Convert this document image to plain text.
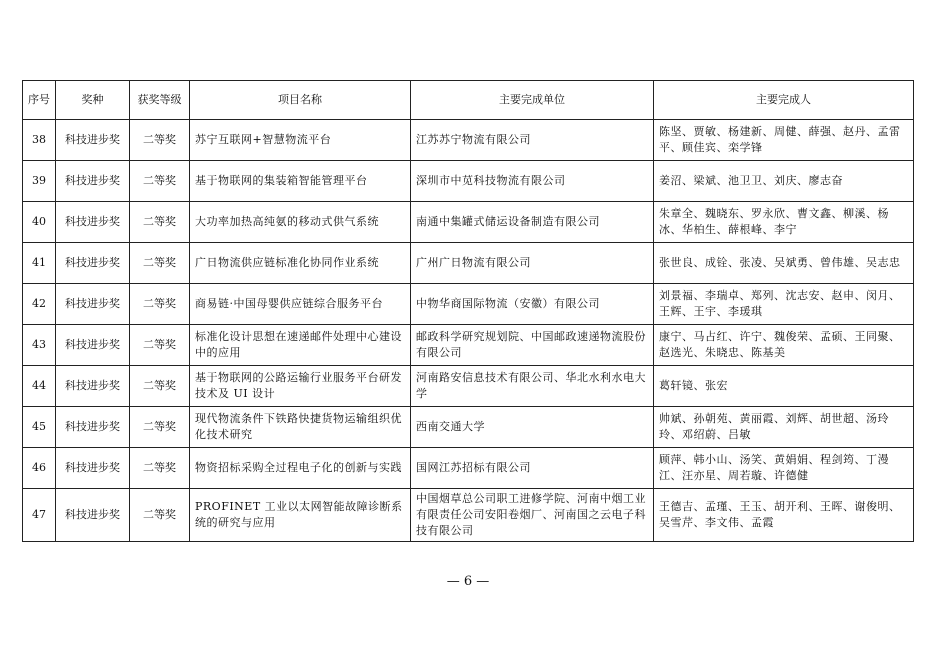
序号	奖种	获奖等级	项目名称	主要完成单位	主要完成人
38	科技进步奖	二等奖	苏宁互联网+智慧物流平台	江苏苏宁物流有限公司	陈坚、贾敏、杨建新、周健、薛强、赵丹、孟雷平、顾佳宾、栾学锋
39	科技进步奖	二等奖	基于物联网的集装箱智能管理平台	深圳市中苋科技物流有限公司	姜沼、梁斌、池卫卫、刘庆、廖志奋
40	科技进步奖	二等奖	大功率加热高纯氨的移动式供气系统	南通中集罐式储运设备制造有限公司	朱章全、魏晓东、罗永欣、曹文鑫、柳溪、杨冰、华柏生、薛根峰、李宁
41	科技进步奖	二等奖	广日物流供应链标准化协同作业系统	广州广日物流有限公司	张世良、成铨、张凌、吴斌勇、曾伟雄、吴志忠
42	科技进步奖	二等奖	商易链·中国母婴供应链综合服务平台	中物华商国际物流（安徽）有限公司	刘景福、李瑞卓、郑列、沈志安、赵申、闵月、王辉、王宇、李瑗琪
43	科技进步奖	二等奖	标准化设计思想在速递邮件处理中心建设中的应用	邮政科学研究规划院、中国邮政速递物流股份有限公司	康宁、马占红、许宁、魏俊荣、孟硕、王同聚、赵选光、朱晓忠、陈基美
44	科技进步奖	二等奖	基于物联网的公路运输行业服务平台研发技术及 UI 设计	河南路安信息技术有限公司、华北水利水电大学	葛轩镜、张宏
45	科技进步奖	二等奖	现代物流条件下铁路快捷货物运输组织优化技术研究	西南交通大学	帅斌、孙朝苑、黄丽霞、刘辉、胡世超、汤玲玲、邓绍蔚、吕敏
46	科技进步奖	二等奖	物资招标采购全过程电子化的创新与实践	国网江苏招标有限公司	顾萍、韩小山、汤笑、黄娟娟、程剑筠、丁漫江、汪亦星、周若璇、许德健
47	科技进步奖	二等奖	PROFINET 工业以太网智能故障诊断系统的研究与应用	中国烟草总公司职工进修学院、河南中烟工业有限责任公司安阳卷烟厂、河南国之云电子科技有限公司	王德吉、孟瑾、王玉、胡开利、王晖、谢俊明、吴雪芹、李文伟、孟霞
— 6 —
